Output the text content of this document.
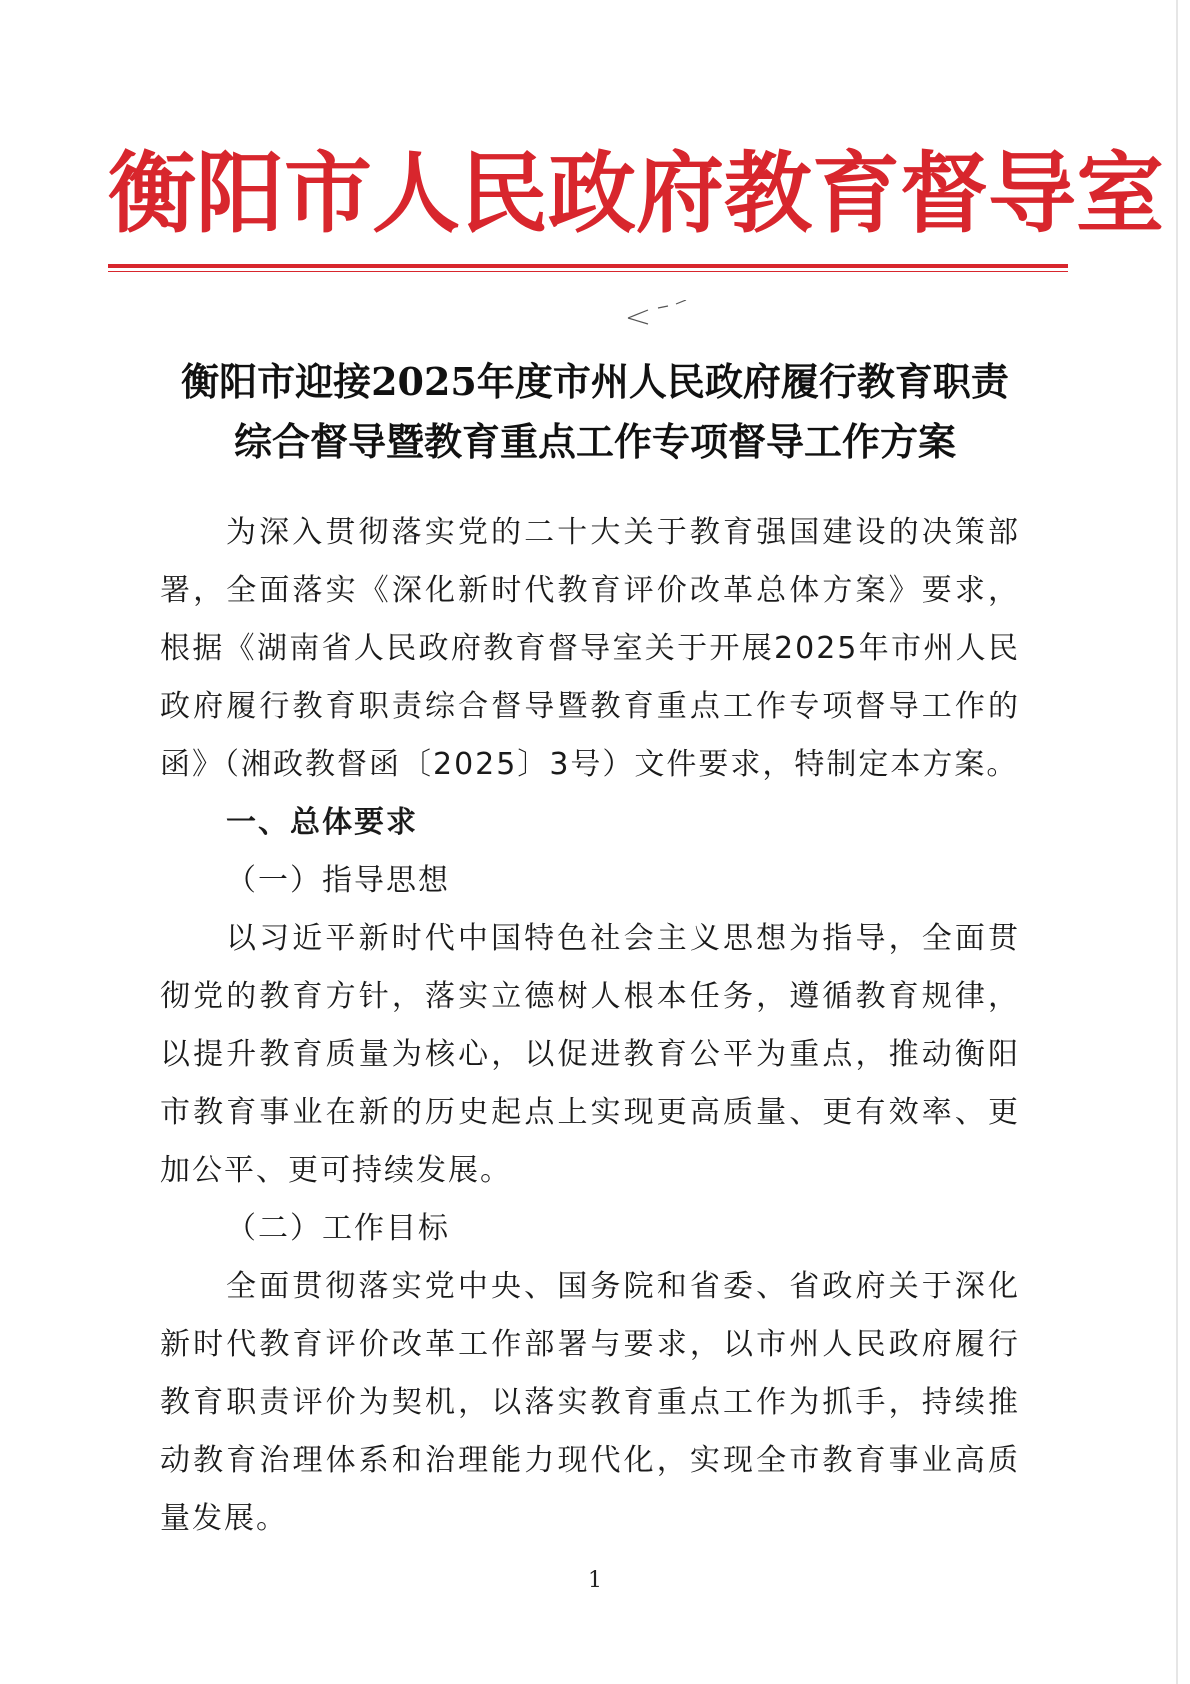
衡阳市人民政府教育督导室
衡阳市迎接2025年度市州人民政府履行教育职责
综合督导暨教育重点工作专项督导工作方案

为深入贯彻落实党的二十大关于教育强国建设的决策部署，全面落实《深化新时代教育评价改革总体方案》要求，根据《湖南省人民政府教育督导室关于开展2025年市州人民政府履行教育职责综合督导暨教育重点工作专项督导工作的函》（湘政教督函〔2025〕3号）文件要求，特制定本方案。

一、总体要求

（一）指导思想

以习近平新时代中国特色社会主义思想为指导，全面贯彻党的教育方针，落实立德树人根本任务，遵循教育规律，以提升教育质量为核心，以促进教育公平为重点，推动衡阳市教育事业在新的历史起点上实现更高质量、更有效率、更加公平、更可持续发展。

（二）工作目标

全面贯彻落实党中央、国务院和省委、省政府关于深化新时代教育评价改革工作部署与要求，以市州人民政府履行教育职责评价为契机，以落实教育重点工作为抓手，持续推动教育治理体系和治理能力现代化，实现全市教育事业高质量发展。

1
